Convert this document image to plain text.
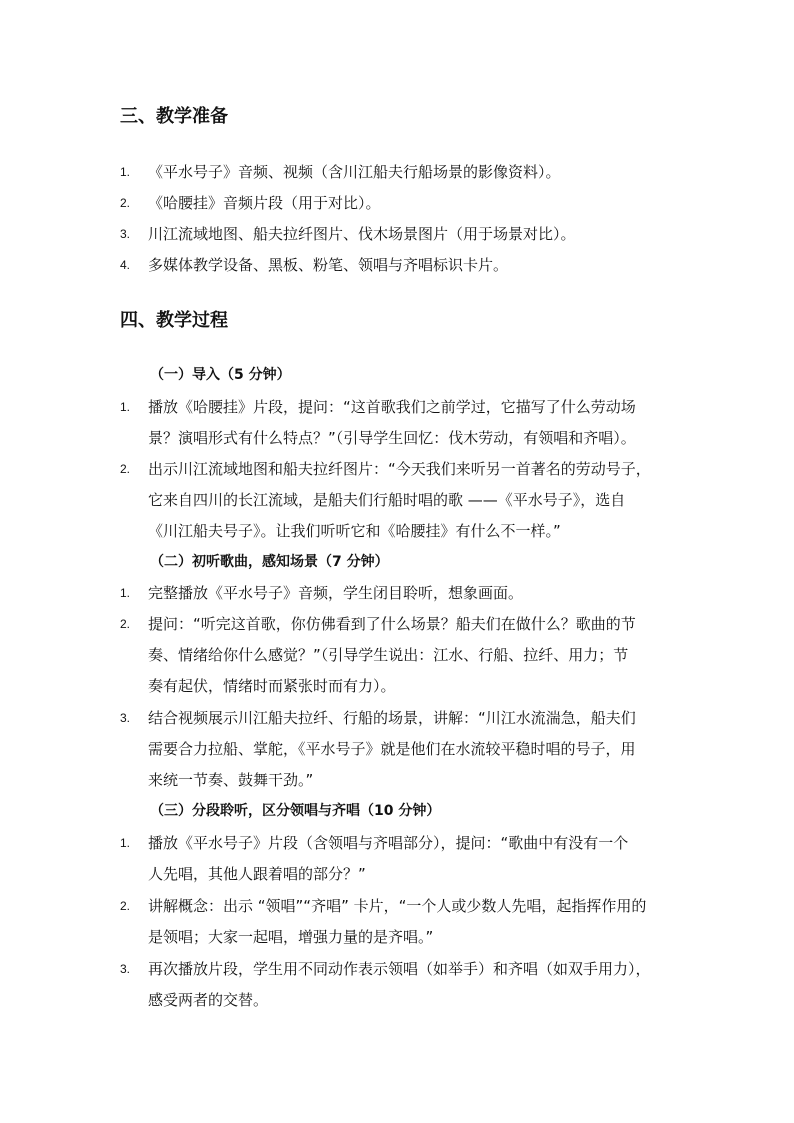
三、教学准备
1.	《平水号子》音频、视频（含川江船夫行船场景的影像资料）。
2.	《哈腰挂》音频片段（用于对比）。
3.	川江流域地图、船夫拉纤图片、伐木场景图片（用于场景对比）。
4.	多媒体教学设备、黑板、粉笔、领唱与齐唱标识卡片。
四、教学过程
（一）导入（5 分钟）
1.	播放《哈腰挂》片段，提问：“这首歌我们之前学过，它描写了什么劳动场
景？演唱形式有什么特点？”（引导学生回忆：伐木劳动，有领唱和齐唱）。
2.	出示川江流域地图和船夫拉纤图片：“今天我们来听另一首著名的劳动号子，
它来自四川的长江流域，是船夫们行船时唱的歌 ——《平水号子》，选自
《川江船夫号子》。让我们听听它和《哈腰挂》有什么不一样。”
（二）初听歌曲，感知场景（7 分钟）
1.	完整播放《平水号子》音频，学生闭目聆听，想象画面。
2.	提问：“听完这首歌，你仿佛看到了什么场景？船夫们在做什么？歌曲的节
奏、情绪给你什么感觉？”（引导学生说出：江水、行船、拉纤、用力；节
奏有起伏，情绪时而紧张时而有力）。
3.	结合视频展示川江船夫拉纤、行船的场景，讲解：“川江水流湍急，船夫们
需要合力拉船、掌舵，《平水号子》就是他们在水流较平稳时唱的号子，用
来统一节奏、鼓舞干劲。”
（三）分段聆听，区分领唱与齐唱（10 分钟）
1.	播放《平水号子》片段（含领唱与齐唱部分），提问：“歌曲中有没有一个
人先唱，其他人跟着唱的部分？”
2.	讲解概念：出示 “领唱”“齐唱” 卡片，“一个人或少数人先唱，起指挥作用的
是领唱；大家一起唱，增强力量的是齐唱。”
3.	再次播放片段，学生用不同动作表示领唱（如举手）和齐唱（如双手用力），
感受两者的交替。
